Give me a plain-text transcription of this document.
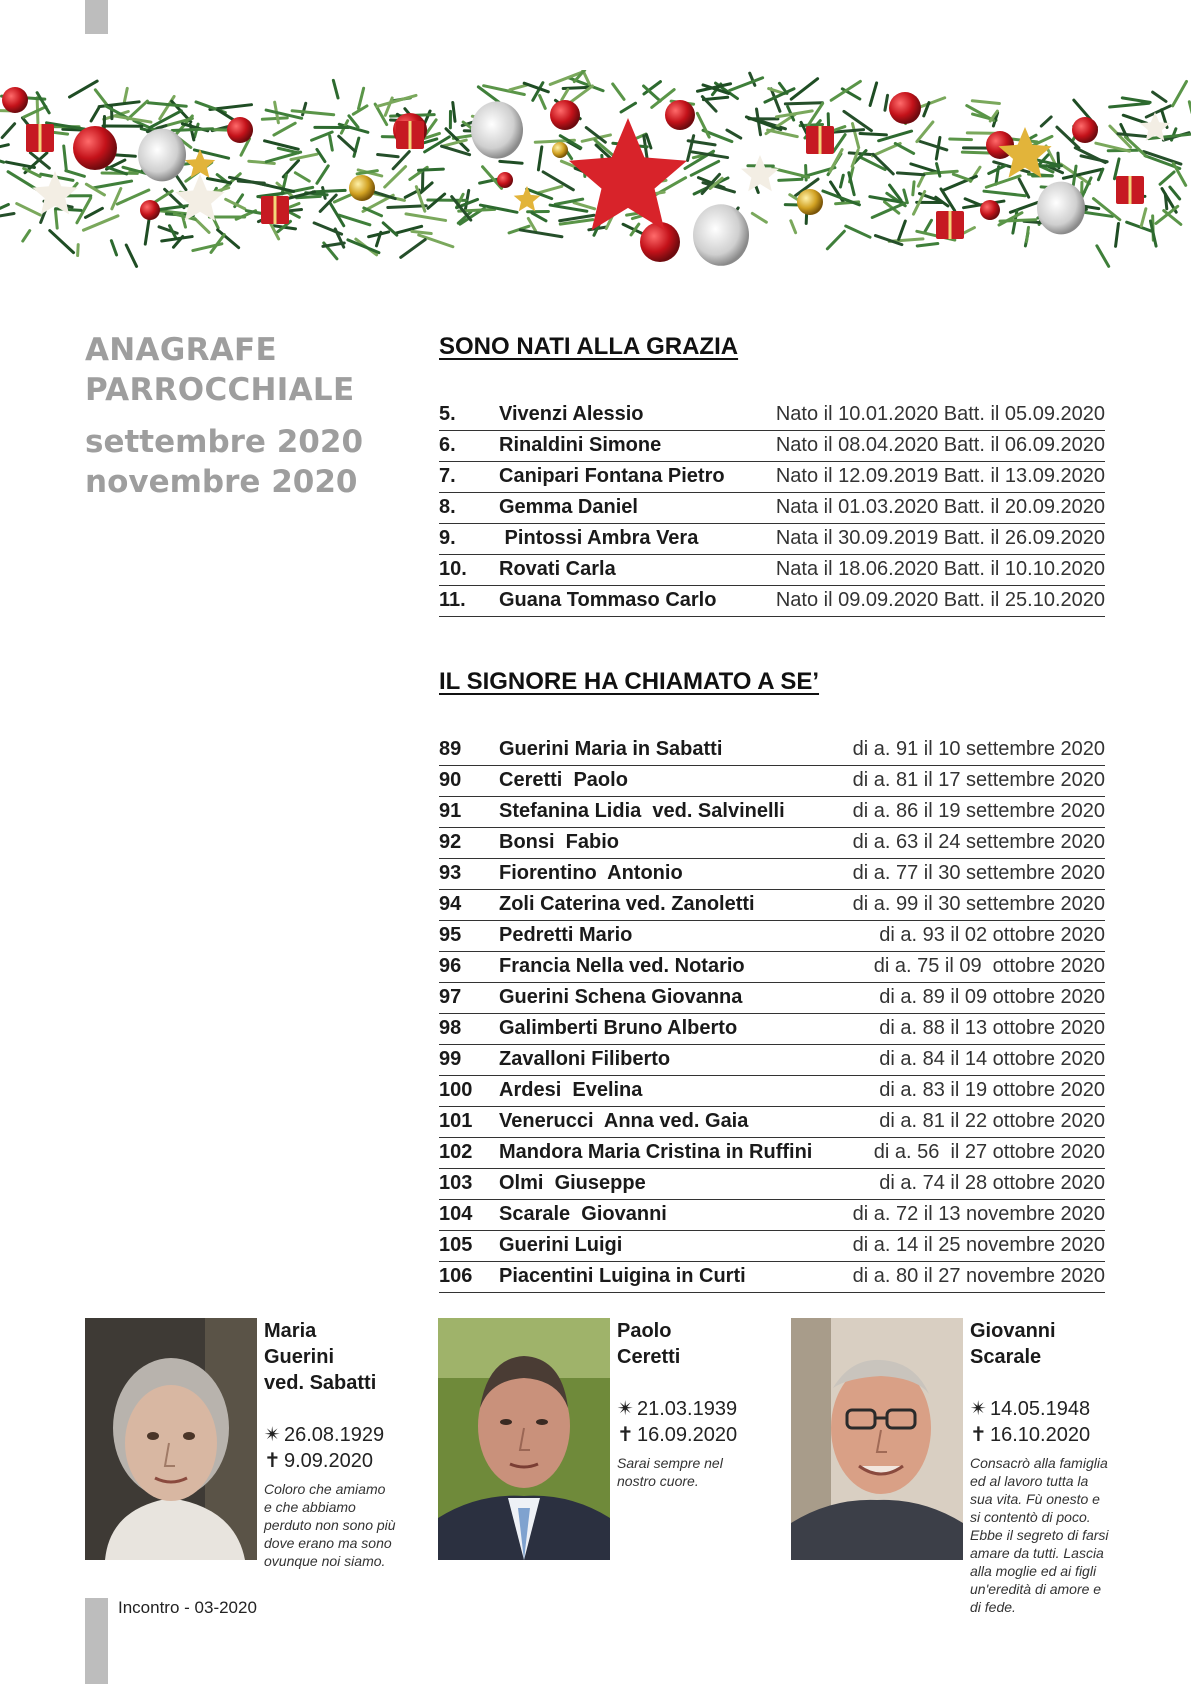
ANAGRAFE
PARROCCHIALE
settembre 2020
novembre 2020
SONO NATI ALLA GRAZIA
5. Vivenzi Alessio	Nato il 10.01.2020 Batt. il 05.09.2020
6. Rinaldini Simone	Nato il 08.04.2020 Batt. il 06.09.2020
7. Canipari Fontana Pietro	Nato il 12.09.2019 Batt. il 13.09.2020
8. Gemma Daniel	Nata il 01.03.2020 Batt. il 20.09.2020
9. Pintossi Ambra Vera	Nata il 30.09.2019 Batt. il 26.09.2020
10. Rovati Carla	Nata il 18.06.2020 Batt. il 10.10.2020
11. Guana Tommaso Carlo	Nato il 09.09.2020 Batt. il 25.10.2020
IL SIGNORE HA CHIAMATO A SE’
89 Guerini Maria in Sabatti	di a. 91 il 10 settembre 2020
90 Ceretti  Paolo	di a. 81 il 17 settembre 2020
91 Stefanina Lidia  ved. Salvinelli	di a. 86 il 19 settembre 2020
92 Bonsi  Fabio	di a. 63 il 24 settembre 2020
93 Fiorentino  Antonio	di a. 77 il 30 settembre 2020
94 Zoli Caterina ved. Zanoletti	di a. 99 il 30 settembre 2020
95 Pedretti Mario	di a. 93 il 02 ottobre 2020
96 Francia Nella ved. Notario	di a. 75 il 09  ottobre 2020
97 Guerini Schena Giovanna	di a. 89 il 09 ottobre 2020
98 Galimberti Bruno Alberto	di a. 88 il 13 ottobre 2020
99 Zavalloni Filiberto	di a. 84 il 14 ottobre 2020
100 Ardesi  Evelina	di a. 83 il 19 ottobre 2020
101 Venerucci  Anna ved. Gaia	di a. 81 il 22 ottobre 2020
102 Mandora Maria Cristina in Ruffini	di a. 56  il 27 ottobre 2020
103 Olmi  Giuseppe	di a. 74 il 28 ottobre 2020
104 Scarale  Giovanni	di a. 72 il 13 novembre 2020
105 Guerini Luigi	di a. 14 il 25 novembre 2020
106 Piacentini Luigina in Curti	di a. 80 il 27 novembre 2020
Maria
Guerini
ved. Sabatti
✴ 26.08.1929
✝ 9.09.2020
Coloro che amiamo
e che abbiamo
perduto non sono più
dove erano ma sono
ovunque noi siamo.
Paolo
Ceretti
✴ 21.03.1939
✝ 16.09.2020
Sarai sempre nel
nostro cuore.
Giovanni
Scarale
✴ 14.05.1948
✝ 16.10.2020
Consacrò alla famiglia
ed al lavoro tutta la
sua vita. Fù onesto e
si contentò di poco.
Ebbe il segreto di farsi
amare da tutti. Lascia
alla moglie ed ai figli
un'eredità di amore e
di fede.
Incontro - 03-2020
